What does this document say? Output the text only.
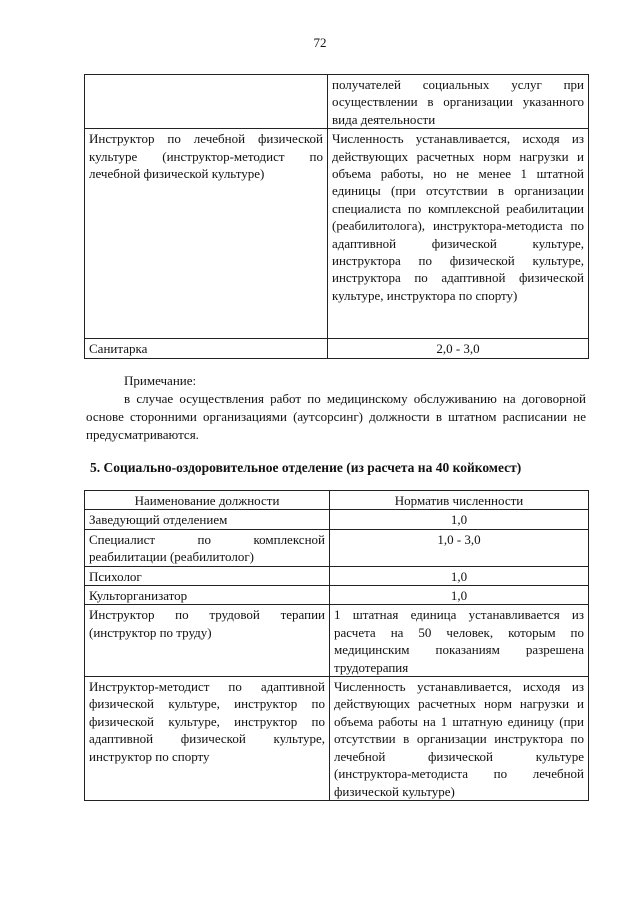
72
	получателей социальных услуг при осуществлении в организации указанного вида деятельности
Инструктор по лечебной физической культуре (инструктор-методист по лечебной физической культуре)	Численность устанавливается, исходя из действующих расчетных норм нагрузки и объема работы, но не менее 1 штатной единицы (при отсутствии в организации специалиста по комплексной реабилитации (реабилитолога), инструктора-методиста по адаптивной физической культуре, инструктора по физической культуре, инструктора по адаптивной физической культуре, инструктора по спорту)
Санитарка	2,0 - 3,0

Примечание:

в случае осуществления работ по медицинскому обслуживанию на договорной основе сторонними организациями (аутсорсинг) должности в штатном расписании не предусматриваются.

5. Социально-оздоровительное отделение (из расчета на 40 койкомест)
Наименование должности	Норматив численности
Заведующий отделением	1,0
Специалист по комплексной реабилитации (реабилитолог)	1,0 - 3,0
Психолог	1,0
Культорганизатор	1,0
Инструктор по трудовой терапии (инструктор по труду)	1 штатная единица устанавливается из расчета на 50 человек, которым по медицинским показаниям разрешена трудотерапия
Инструктор-методист по адаптивной физической культуре, инструктор по физической культуре, инструктор по адаптивной физической культуре, инструктор по спорту	Численность устанавливается, исходя из действующих расчетных норм нагрузки и объема работы на 1 штатную единицу (при отсутствии в организации инструктора по лечебной физической культуре (инструктора-методиста по лечебной физической культуре)
